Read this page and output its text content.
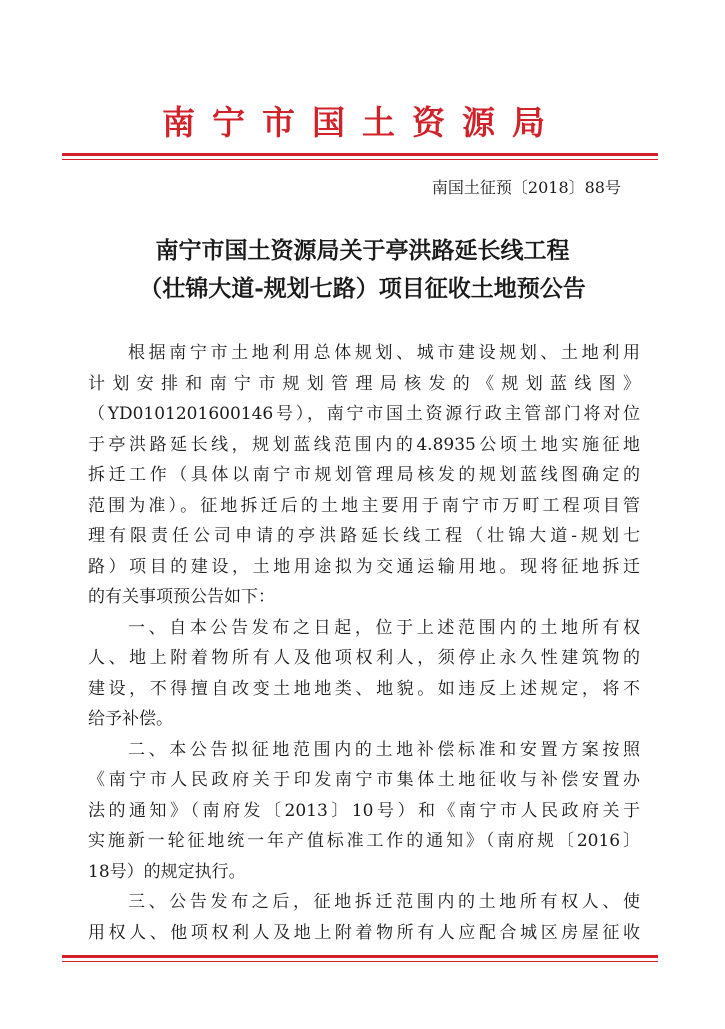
南宁市国土资源局
南国土征预〔2018〕88号
南宁市国土资源局关于亭洪路延长线工程
（壮锦大道-规划七路）项目征收土地预公告
根据南宁市土地利用总体规划、城市建设规划、土地利用
计划安排和南宁市规划管理局核发的《规划蓝线图》
（YD0101201600146号），南宁市国土资源行政主管部门将对位
于亭洪路延长线，规划蓝线范围内的4.8935公顷土地实施征地
拆迁工作（具体以南宁市规划管理局核发的规划蓝线图确定的
范围为准）。征地拆迁后的土地主要用于南宁市万町工程项目管
理有限责任公司申请的亭洪路延长线工程（壮锦大道-规划七
路）项目的建设，土地用途拟为交通运输用地。现将征地拆迁
的有关事项预公告如下：
一、自本公告发布之日起，位于上述范围内的土地所有权
人、地上附着物所有人及他项权利人，须停止永久性建筑物的
建设，不得擅自改变土地地类、地貌。如违反上述规定，将不
给予补偿。
二、本公告拟征地范围内的土地补偿标准和安置方案按照
《南宁市人民政府关于印发南宁市集体土地征收与补偿安置办
法的通知》（南府发〔2013〕10号）和《南宁市人民政府关于
实施新一轮征地统一年产值标准工作的通知》（南府规〔2016〕
18号）的规定执行。
三、公告发布之后，征地拆迁范围内的土地所有权人、使
用权人、他项权利人及地上附着物所有人应配合城区房屋征收
